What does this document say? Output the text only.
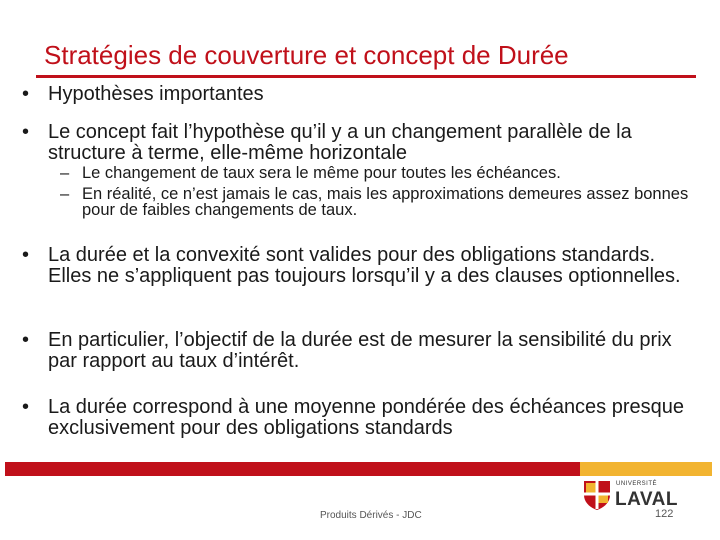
Stratégies de couverture et concept de Durée
• Hypothèses importantes
• Le concept fait l’hypothèse qu’il y a un changement parallèle de la structure à terme, elle-même horizontale
– Le changement de taux sera le même pour toutes les échéances.
– En réalité, ce n’est jamais le cas, mais les approximations demeures assez bonnes pour de faibles changements de taux.
• La durée et la convexité sont valides pour des obligations standards. Elles ne s’appliquent pas toujours lorsqu’il y a des clauses optionnelles.
• En particulier, l’objectif de la durée est de mesurer la sensibilité du prix par rapport au taux d’intérêt.
• La durée correspond à une moyenne pondérée des échéances presque exclusivement pour des obligations standards
UNIVERSITÉ
LAVAL
Produits Dérivés - JDC	122
